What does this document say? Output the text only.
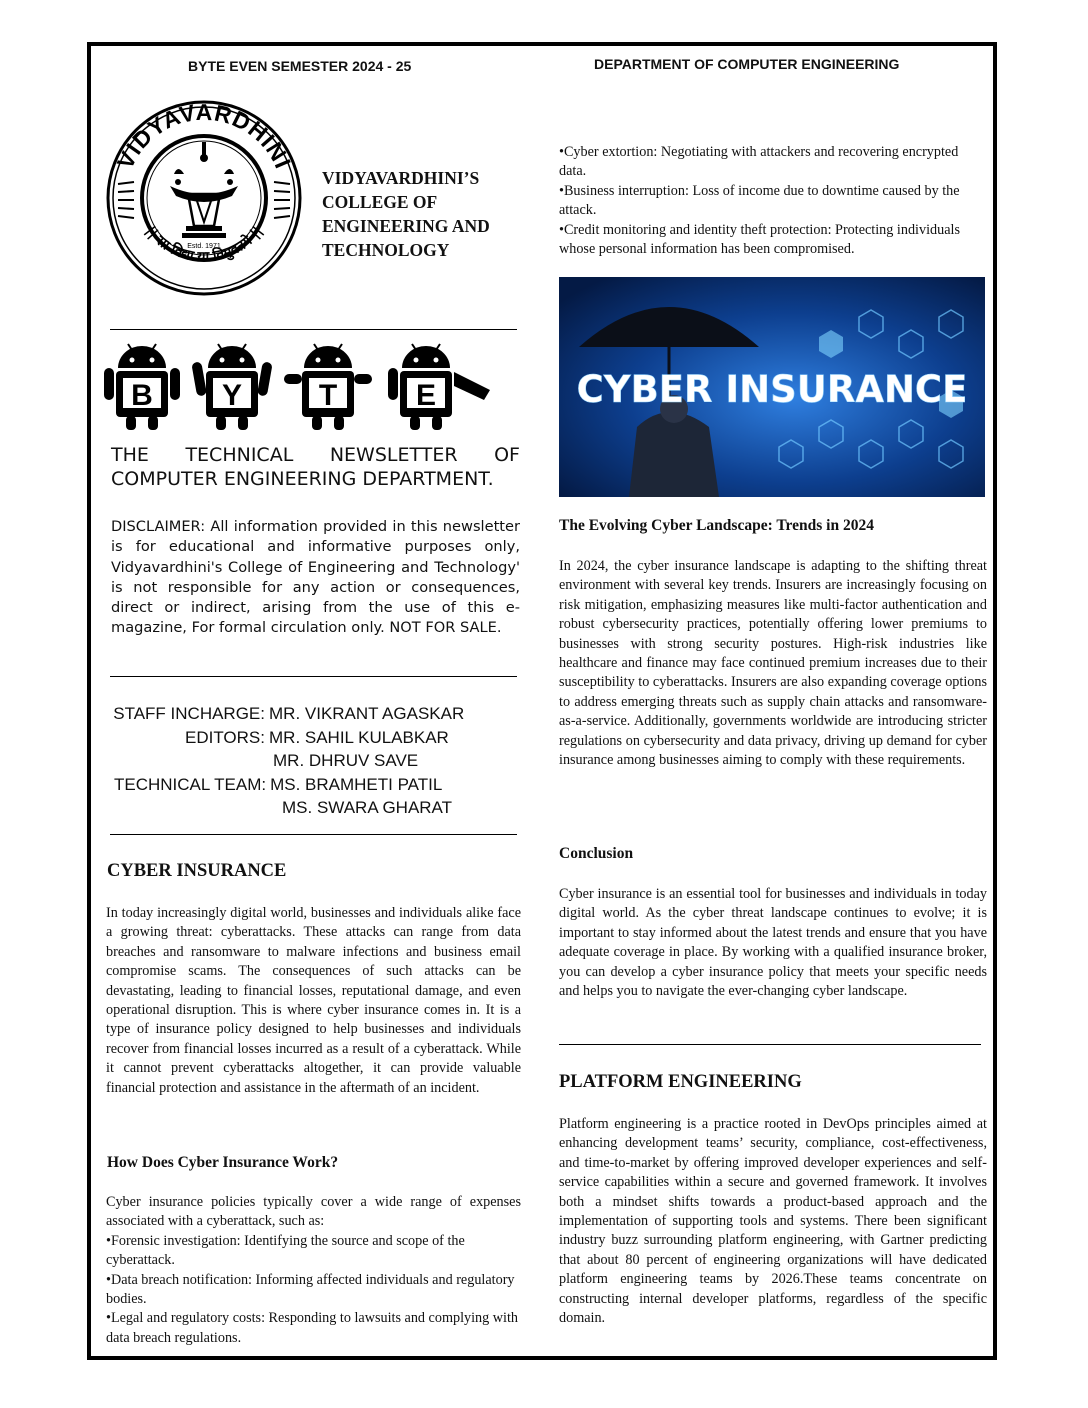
BYTE EVEN SEMESTER 2024 - 25	DEPARTMENT OF COMPUTER ENGINEERING
VIDYAVARDHINI
|| सा विद्या या विमुक्तये ||
Estd. 1971
VIDYAVARDHINI’S
COLLEGE OF
ENGINEERING AND
TECHNOLOGY
B Y	T	E
THE TECHNICAL NEWSLETTER OF
COMPUTER ENGINEERING DEPARTMENT.
DISCLAIMER: All information provided in this newsletter is for educational and informative purposes only, Vidyavardhini's College of Engineering and Technology' is not responsible for any action or consequences, direct or indirect, arising from the use of this e-magazine, For formal circulation only. NOT FOR SALE.
STAFF INCHARGE: MR. VIKRANT AGASKAR
EDITORS: MR. SAHIL KULABKAR
MR. DHRUV SAVE
TECHNICAL TEAM: MS. BRAMHETI PATIL
MS. SWARA GHARAT
CYBER INSURANCE
In today increasingly digital world, businesses and individuals alike face a growing threat: cyberattacks. These attacks can range from data breaches and ransomware to malware infections and business email compromise scams. The consequences of such attacks can be devastating, leading to financial losses, reputational damage, and even operational disruption. This is where cyber insurance comes in. It is a type of insurance policy designed to help businesses and individuals recover from financial losses incurred as a result of a cyberattack. While it cannot prevent cyberattacks altogether, it can provide valuable financial protection and assistance in the aftermath of an incident.
How Does Cyber Insurance Work?
Cyber insurance policies typically cover a wide range of expenses associated with a cyberattack, such as:
• Forensic investigation: Identifying the source and scope of the cyberattack.
• Data breach notification: Informing affected individuals and regulatory bodies.
• Legal and regulatory costs: Responding to lawsuits and complying with data breach regulations.
• Cyber extortion: Negotiating with attackers and recovering encrypted data.
• Business interruption: Loss of income due to downtime caused by the attack.
• Credit monitoring and identity theft protection: Protecting individuals whose personal information has been compromised.
CYBER INSURANCE
The Evolving Cyber Landscape: Trends in 2024
In 2024, the cyber insurance landscape is adapting to the shifting threat environment with several key trends. Insurers are increasingly focusing on risk mitigation, emphasizing measures like multi-factor authentication and robust cybersecurity practices, potentially offering lower premiums to businesses with strong security postures. High-risk industries like healthcare and finance may face continued premium increases due to their susceptibility to cyberattacks. Insurers are also expanding coverage options to address emerging threats such as supply chain attacks and ransomware-as-a-service. Additionally, governments worldwide are introducing stricter regulations on cybersecurity and data privacy, driving up demand for cyber insurance among businesses aiming to comply with these requirements.
Conclusion
Cyber insurance is an essential tool for businesses and individuals in today digital world. As the cyber threat landscape continues to evolve; it is important to stay informed about the latest trends and ensure that you have adequate coverage in place. By working with a qualified insurance broker, you can develop a cyber insurance policy that meets your specific needs and helps you to navigate the ever-changing cyber landscape.
PLATFORM ENGINEERING
Platform engineering is a practice rooted in DevOps principles aimed at enhancing development teams’ security, compliance, cost-effectiveness, and time-to-market by offering improved developer experiences and self-service capabilities within a secure and governed framework. It involves both a mindset shifts towards a product-based approach and the implementation of supporting tools and systems. There been significant industry buzz surrounding platform engineering, with Gartner predicting that about 80 percent of engineering organizations will have dedicated platform engineering teams by 2026.These teams concentrate on constructing internal developer platforms, regardless of the specific domain.
